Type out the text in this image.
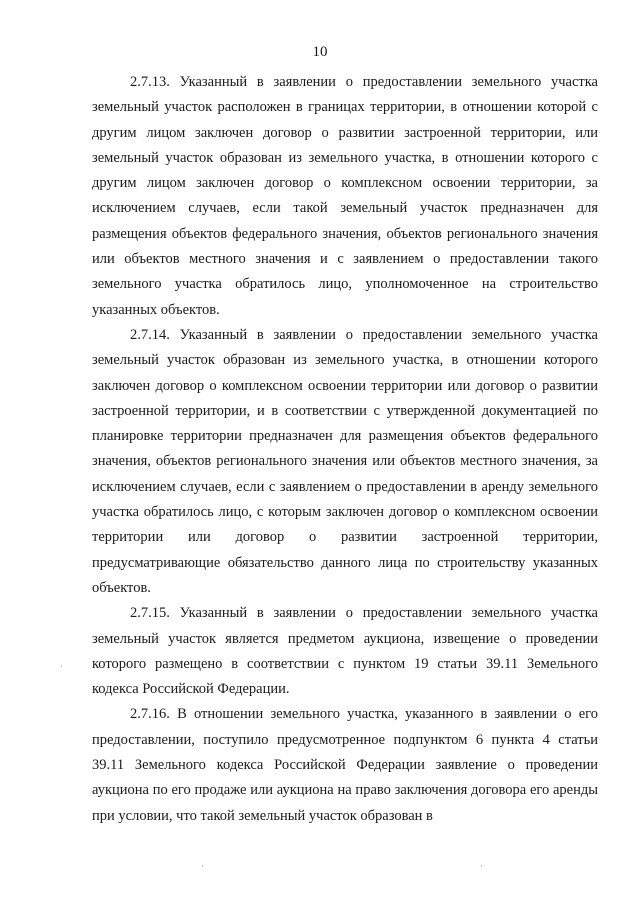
10

2.7.13. Указанный в заявлении о предоставлении земельного участка земельный участок расположен в границах территории, в отношении которой с другим лицом заключен договор о развитии застроенной территории, или земельный участок образован из земельного участка, в отношении которого с другим лицом заключен договор о комплексном освоении территории, за исключением случаев, если такой земельный участок предназначен для размещения объектов федерального значения, объектов регионального значения или объектов местного значения и с заявлением о предоставлении такого земельного участка обратилось лицо, уполномоченное на строительство указанных объектов.

2.7.14. Указанный в заявлении о предоставлении земельного участка земельный участок образован из земельного участка, в отношении которого заключен договор о комплексном освоении территории или договор о развитии застроенной территории, и в соответствии с утвержденной документацией по планировке территории предназначен для размещения объектов федерального значения, объектов регионального значения или объектов местного значения, за исключением случаев, если с заявлением о предоставлении в аренду земельного участка обратилось лицо, с которым заключен договор о комплексном освоении территории или договор о развитии застроенной территории, предусматривающие обязательство данного лица по строительству указанных объектов.

2.7.15. Указанный в заявлении о предоставлении земельного участка земельный участок является предметом аукциона, извещение о проведении которого размещено в соответствии с пунктом 19 статьи 39.11 Земельного кодекса Российской Федерации.

2.7.16. В отношении земельного участка, указанного в заявлении о его предоставлении, поступило предусмотренное подпунктом 6 пункта 4 статьи 39.11 Земельного кодекса Российской Федерации заявление о проведении аукциона по его продаже или аукциона на право заключения договора его аренды при условии, что такой земельный участок образован в

·	·
·
